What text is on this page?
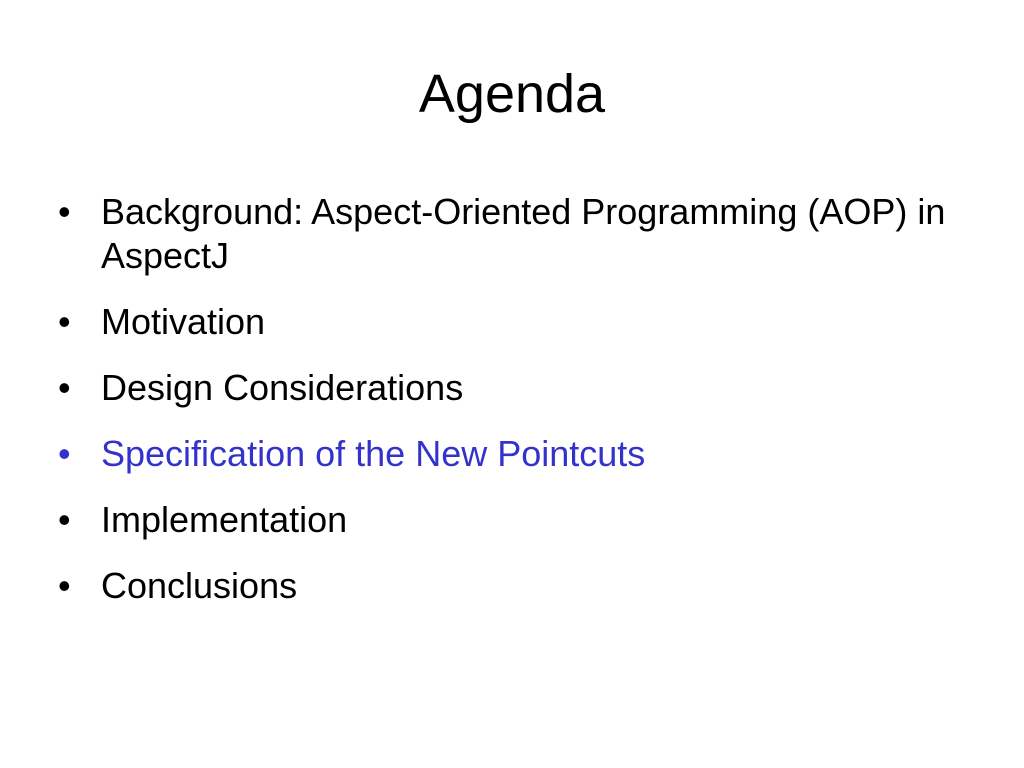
Agenda
• Background: Aspect-Oriented Programming (AOP) in AspectJ
• Motivation
• Design Considerations
• Specification of the New Pointcuts
• Implementation
• Conclusions
